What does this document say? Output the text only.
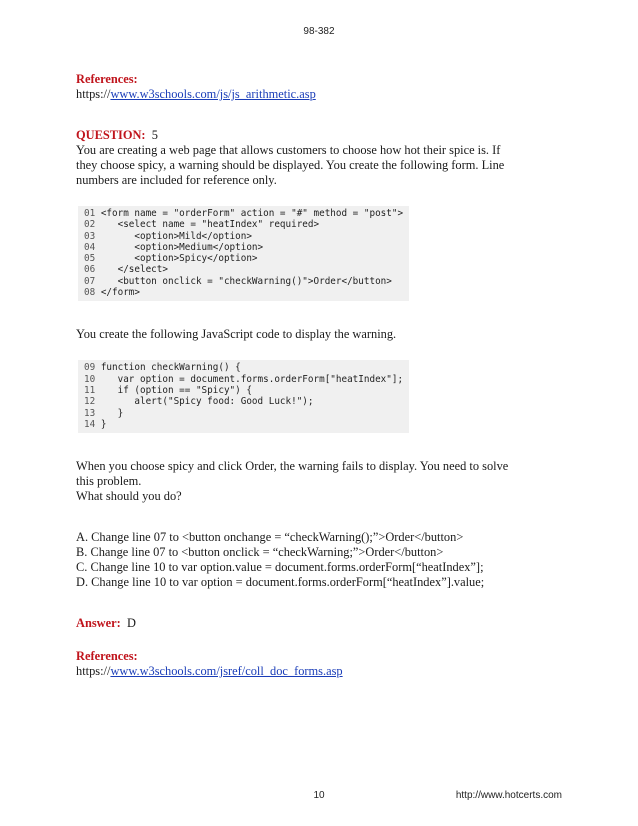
98-382

References:

https://www.w3schools.com/js/js_arithmetic.asp

QUESTION: 5

You are creating a web page that allows customers to choose how hot their spice is. If

they choose spicy, a warning should be displayed. You create the following form. Line

numbers are included for reference only.

01 <form name = "orderForm" action = "#" method = "post">
02    <select name = "heatIndex" required>
03       <option>Mild</option>
04       <option>Medium</option>
05       <option>Spicy</option>
06    </select>
07    <button onclick = "checkWarning()">Order</button>
08 </form>

You create the following JavaScript code to display the warning.

09 function checkWarning() {
10    var option = document.forms.orderForm["heatIndex"];
11    if (option == "Spicy") {
12       alert("Spicy food: Good Luck!");
13    }
14 }

When you choose spicy and click Order, the warning fails to display. You need to solve

this problem.

What should you do?

A. Change line 07 to <button onchange = “checkWarning();”>Order</button>

B. Change line 07 to <button onclick = “checkWarning;”>Order</button>

C. Change line 10 to var option.value = document.forms.orderForm[“heatIndex”];

D. Change line 10 to var option = document.forms.orderForm[“heatIndex”].value;

Answer: D

References:

https://www.w3schools.com/jsref/coll_doc_forms.asp

10	http://www.hotcerts.com
